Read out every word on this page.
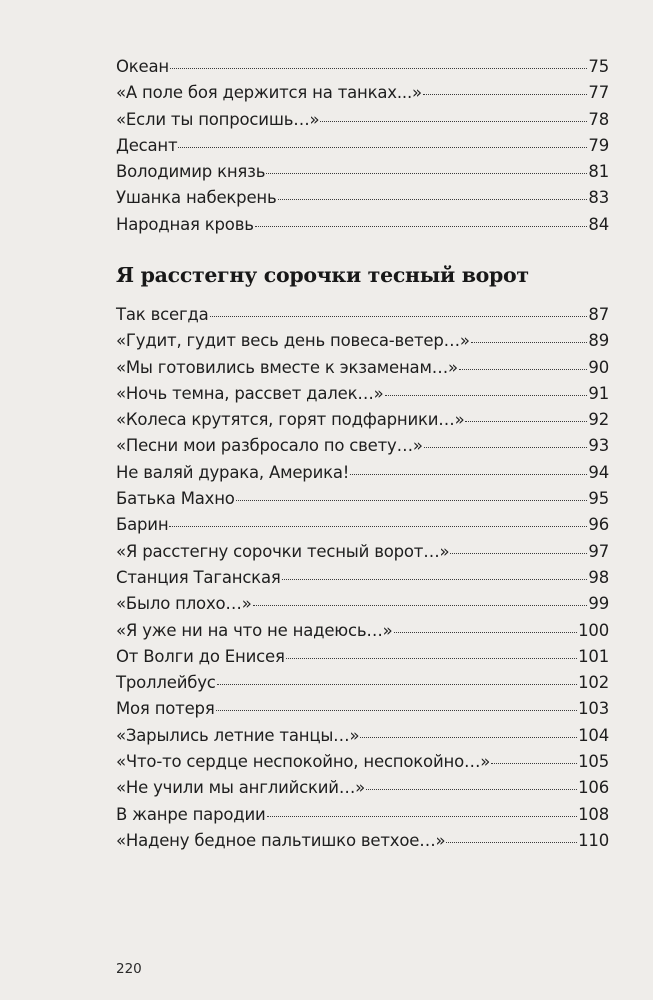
Океан	75
«А поле боя держится на танках...»	77
«Если ты попросишь…»	78
Десант	79
Володимир князь	81
Ушанка набекрень	83
Народная кровь	84
Я расстегну сорочки тесный ворот
Так всегда	87
«Гудит, гудит весь день повеса-ветер…»	89
«Мы готовились вместе к экзаменам…»	90
«Ночь темна, рассвет далек…»	91
«Колеса крутятся, горят подфарники…»	92
«Песни мои разбросало по свету…»	93
Не валяй дурака, Америка!	94
Батька Махно	95
Барин	96
«Я расстегну сорочки тесный ворот…»	97
Станция Таганская	98
«Было плохо…»	99
«Я уже ни на что не надеюсь…»	100
От Волги до Енисея	101
Троллейбус	102
Моя потеря	103
«Зарылись летние танцы…»	104
«Что-то сердце неспокойно, неспокойно…»	105
«Не учили мы английский…»	106
В жанре пародии	108
«Надену бедное пальтишко ветхое…»	110
220
